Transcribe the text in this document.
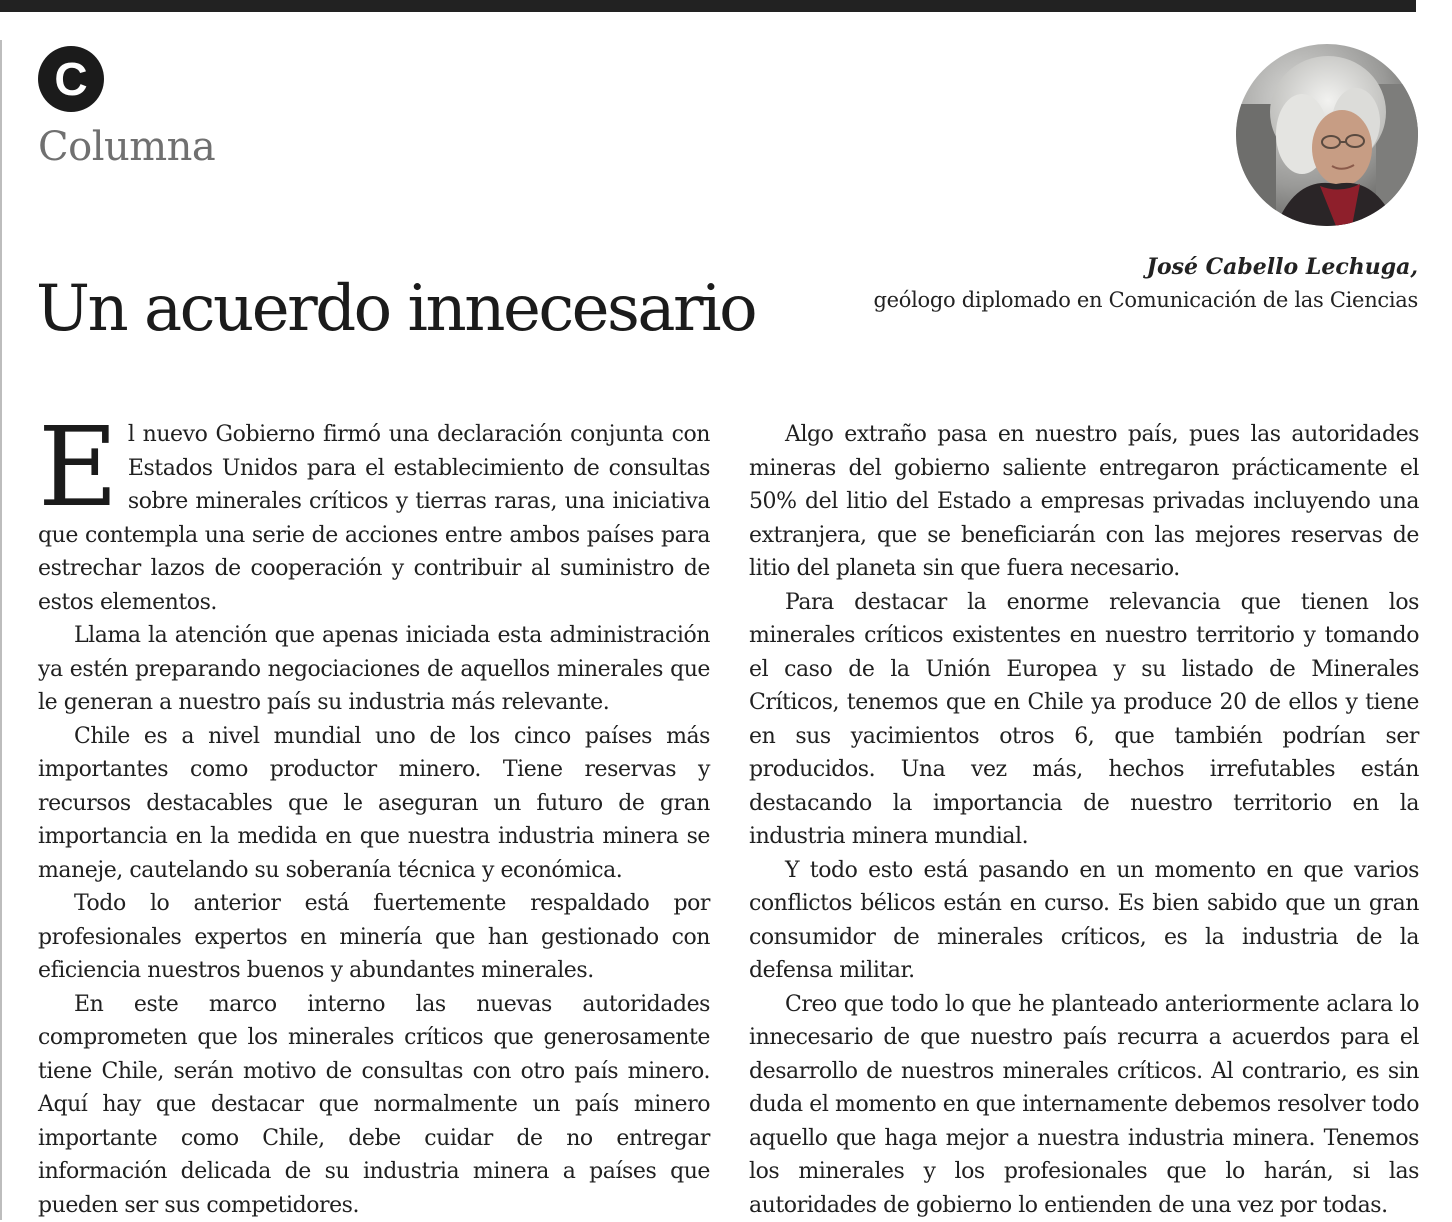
C
Columna
José Cabello Lechuga,
geólogo diplomado en Comunicación de las Ciencias
Un acuerdo innecesario

El nuevo Gobierno firmó una declaración conjunta con Estados Unidos para el establecimiento de consultas sobre minerales críticos y tierras raras, una iniciativa que contempla una serie de acciones entre ambos países para estrechar lazos de cooperación y contribuir al suministro de estos elementos.

Llama la atención que apenas iniciada esta administración ya estén preparando negociaciones de aquellos minerales que le generan a nuestro país su industria más relevante.

Chile es a nivel mundial uno de los cinco países más importantes como productor minero. Tiene reservas y recursos destacables que le aseguran un futuro de gran importancia en la medida en que nuestra industria minera se maneje, cautelando su soberanía técnica y económica.

Todo lo anterior está fuertemente respaldado por profesionales expertos en minería que han gestionado con eficiencia nuestros buenos y abundantes minerales.

En este marco interno las nuevas autoridades comprometen que los minerales críticos que generosamente tiene Chile, serán motivo de consultas con otro país minero. Aquí hay que destacar que normalmente un país minero importante como Chile, debe cuidar de no entregar información delicada de su industria minera a países que pueden ser sus competidores.

Algo extraño pasa en nuestro país, pues las autoridades mineras del gobierno saliente entregaron prácticamente el 50% del litio del Estado a empresas privadas incluyendo una extranjera, que se beneficiarán con las mejores reservas de litio del planeta sin que fuera necesario.

Para destacar la enorme relevancia que tienen los minerales críticos existentes en nuestro territorio y tomando el caso de la Unión Europea y su listado de Minerales Críticos, tenemos que en Chile ya produce 20 de ellos y tiene en sus yacimientos otros 6, que también podrían ser producidos. Una vez más, hechos irrefutables están destacando la importancia de nuestro territorio en la industria minera mundial.

Y todo esto está pasando en un momento en que varios conflictos bélicos están en curso. Es bien sabido que un gran consumidor de minerales críticos, es la industria de la defensa militar.

Creo que todo lo que he planteado anteriormente aclara lo innecesario de que nuestro país recurra a acuerdos para el desarrollo de nuestros minerales críticos. Al contrario, es sin duda el momento en que internamente debemos resolver todo aquello que haga mejor a nuestra industria minera. Tenemos los minerales y los profesionales que lo harán, si las autoridades de gobierno lo entienden de una vez por todas.
